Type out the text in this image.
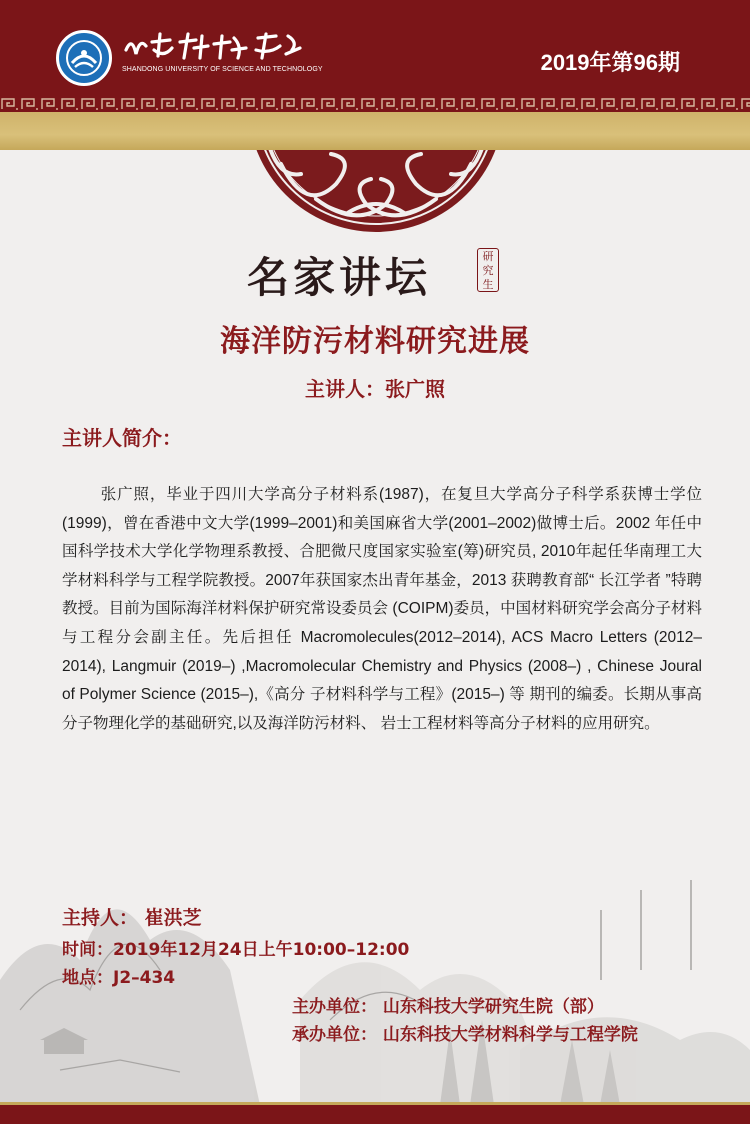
SHANDONG UNIVERSITY OF SCIENCE AND TECHNOLOGY	2019年第96期
名家讲坛	研
究
生
海洋防污材料研究进展
主讲人：张广照
主讲人简介：

张广照，毕业于四川大学高分子材料系(1987)，在复旦大学高分子科学系获博士学位(1999)，曾在香港中文大学(1999–2001)和美国麻省大学(2001–2002)做博士后。2002 年任中国科学技术大学化学物理系教授、合肥微尺度国家实验室(筹)研究员, 2010年起任华南理工大学材料科学与工程学院教授。2007年获国家杰出青年基金，2013 获聘教育部“ 长江学者 ”特聘教授。目前为国际海洋材料保护研究常设委员会 (COIPM)委员，中国材料研究学会高分子材料与工程分会副主任。先后担任 Macromolecules(2012–2014), ACS Macro Letters (2012–2014), Langmuir (2019–) ,Macromolecular Chemistry and Physics (2008–) , Chinese Joural of Polymer Science (2015–),《高分 子材料科学与工程》(2015–) 等 期刊的编委。长期从事高分子物理化学的基础研究,以及海洋防污材料、 岩士工程材料等高分子材料的应用研究。

主持人： 崔洪芝
时间：2019年12月24日上午10:00–12:00
地点：J2–434
主办单位： 山东科技大学研究生院（部）
承办单位： 山东科技大学材料科学与工程学院
